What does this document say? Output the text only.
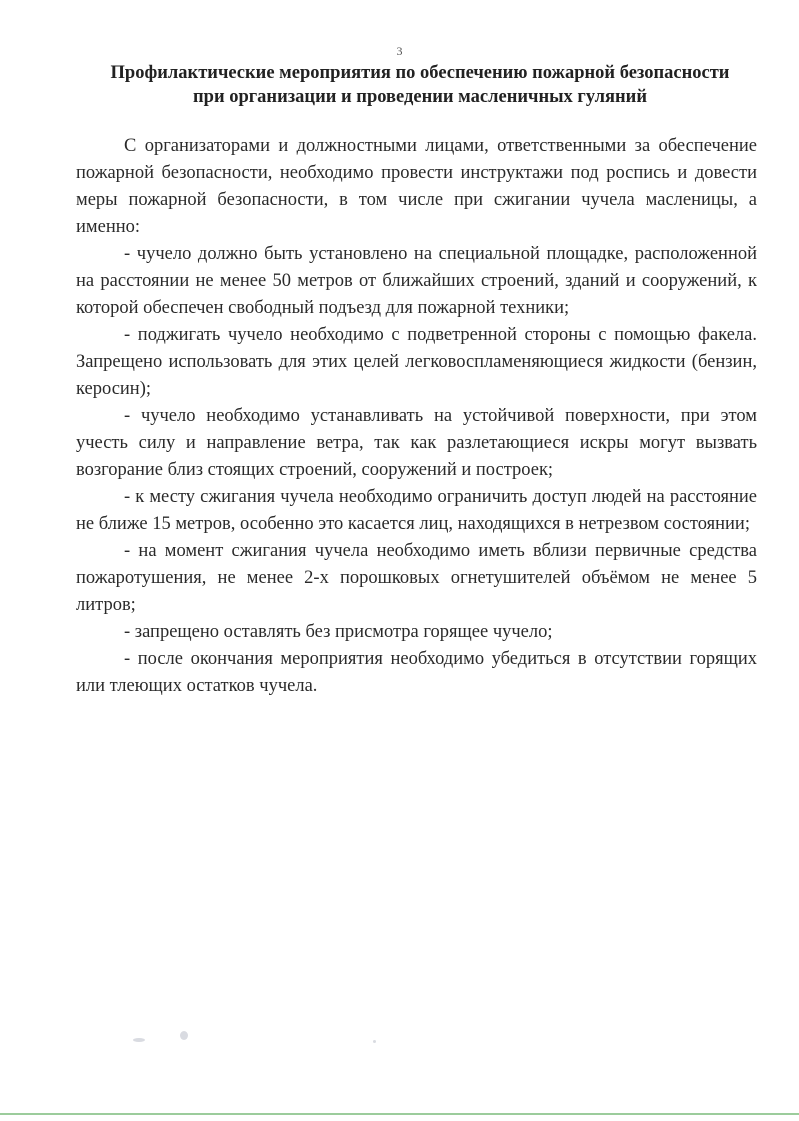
3
Профилактические мероприятия по обеспечению пожарной безопасности
при организации и проведении масленичных гуляний

С организаторами и должностными лицами, ответственными за обеспечение пожарной безопасности, необходимо провести инструктажи под роспись и довести меры пожарной безопасности, в том числе при сжигании чучела масленицы, а именно:

- чучело должно быть установлено на специальной площадке, расположенной на расстоянии не менее 50 метров от ближайших строений, зданий и сооружений, к которой обеспечен свободный подъезд для пожарной техники;

- поджигать чучело необходимо с подветренной стороны с помощью факела. Запрещено использовать для этих целей легковоспламеняющиеся жидкости (бензин, керосин);

- чучело необходимо устанавливать на устойчивой поверхности, при этом учесть силу и направление ветра, так как разлетающиеся искры могут вызвать возгорание близ стоящих строений, сооружений и построек;

- к месту сжигания чучела необходимо ограничить доступ людей на расстояние не ближе 15 метров, особенно это касается лиц, находящихся в нетрезвом состоянии;

- на момент сжигания чучела необходимо иметь вблизи первичные средства пожаротушения, не менее 2-х порошковых огнетушителей объёмом не менее 5 литров;

- запрещено оставлять без присмотра горящее чучело;

- после окончания мероприятия необходимо убедиться в отсутствии горящих или тлеющих остатков чучела.
